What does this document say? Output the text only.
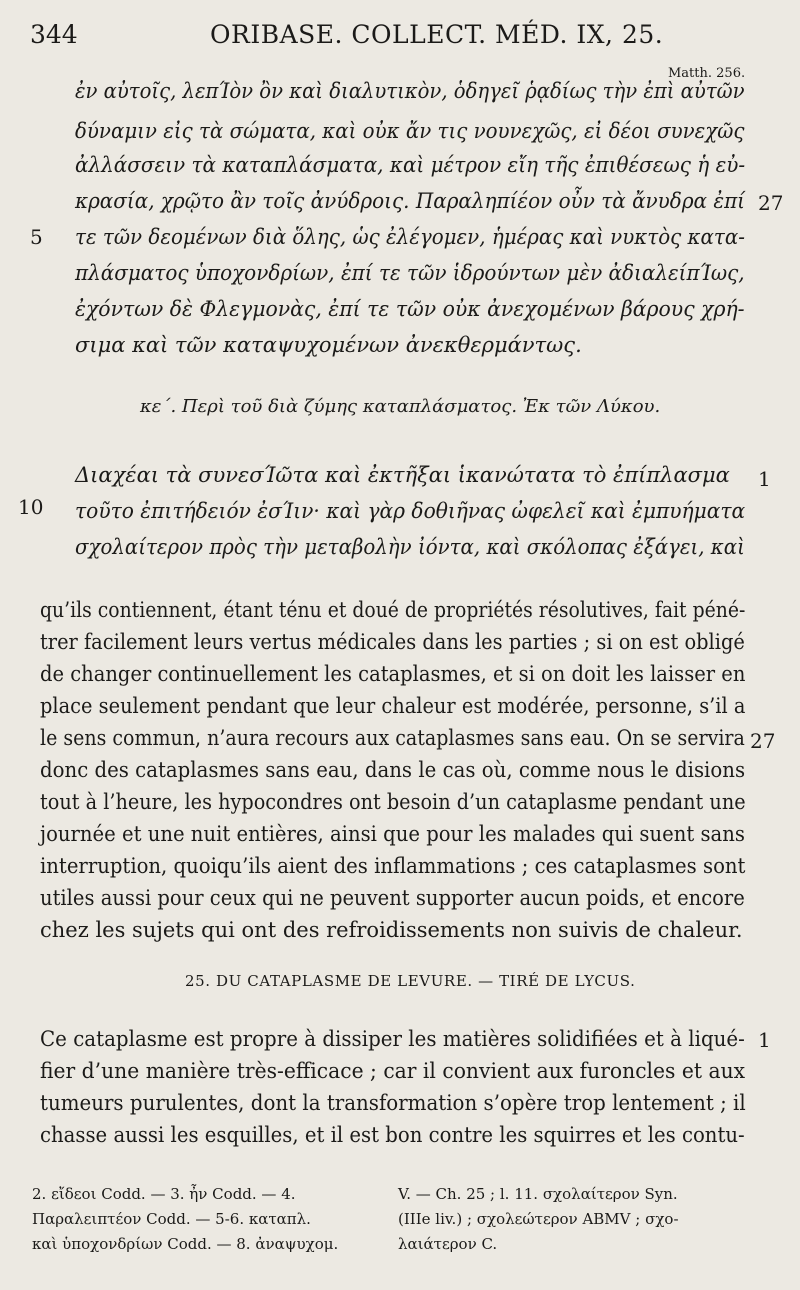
344	ORIBASE. COLLECT. MÉD. IX, 25.
Matth. 256.
ἐν αὐτοῖς, λεπΊὸν ὂν καὶ διαλυτικὸν, ὁδηγεῖ ῥᾳδίως τὴν ἐπὶ αὐτῶν
δύναμιν εἰς τὰ σώματα, καὶ οὐκ ἄν τις νουνεχῶς, εἰ δέοι συνεχῶς
ἀλλάσσειν τὰ καταπλάσματα, καὶ μέτρον εἴη τῆς ἐπιθέσεως ἡ εὐ-
κρασία, χρῷτο ἂν τοῖς ἀνύδροις. Παραληπίέον οὖν τὰ ἄνυδρα ἐπί
τε τῶν δεομένων διὰ ὅλης, ὡς ἐλέγομεν, ἡμέρας καὶ νυκτὸς κατα-
πλάσματος ὑποχονδρίων, ἐπί τε τῶν ἱδρούντων μὲν ἀδιαλείπΊως,
ἐχόντων δὲ Φλεγμονὰς, ἐπί τε τῶν οὐκ ἀνεχομένων βάρους χρή-
σιμα καὶ τῶν καταψυχομένων ἀνεκθερμάντως.
5
27
κε΄. Περὶ τοῦ διὰ ζύμης καταπλάσματος. Ἐκ τῶν Λύκου.
Διαχέαι τὰ συνεσΊῶτα καὶ ἐκτῆξαι ἱκανώτατα τὸ ἐπίπλασμα
τοῦτο ἐπιτήδειόν ἐσΊιν· καὶ γὰρ δοθιῆνας ὠφελεῖ καὶ ἐμπυήματα
σχολαίτερον πρὸς τὴν μεταβολὴν ἰόντα, καὶ σκόλοπας ἐξάγει, καὶ
10
1
qu’ils contiennent, étant ténu et doué de propriétés résolutives, fait péné-
trer facilement leurs vertus médicales dans les parties ; si on est obligé
de changer continuellement les cataplasmes, et si on doit les laisser en
place seulement pendant que leur chaleur est modérée, personne, s’il a
le sens commun, n’aura recours aux cataplasmes sans eau. On se servira
donc des cataplasmes sans eau, dans le cas où, comme nous le disions
tout à l’heure, les hypocondres ont besoin d’un cataplasme pendant une
journée et une nuit entières, ainsi que pour les malades qui suent sans
interruption, quoiqu’ils aient des inflammations ; ces cataplasmes sont
utiles aussi pour ceux qui ne peuvent supporter aucun poids, et encore
chez les sujets qui ont des refroidissements non suivis de chaleur.
27
25. DU CATAPLASME DE LEVURE. — TIRÉ DE LYCUS.
Ce cataplasme est propre à dissiper les matières solidifiées et à liqué-
fier d’une manière très-efficace ; car il convient aux furoncles et aux
tumeurs purulentes, dont la transformation s’opère trop lentement ; il
chasse aussi les esquilles, et il est bon contre les squirres et les contu-
1
2. εἴδεοι Codd. — 3. ἦν Codd. — 4.
Παραλειπτέον Codd. — 5-6. καταπλ.
καὶ ὑποχονδρίων Codd. — 8. ἀναψυχομ.
V. — Ch. 25 ; l. 11. σχολαίτερον Syn.
(IIIe liv.) ; σχολεώτερον ABMV ; σχο-
λαιάτερον C.
